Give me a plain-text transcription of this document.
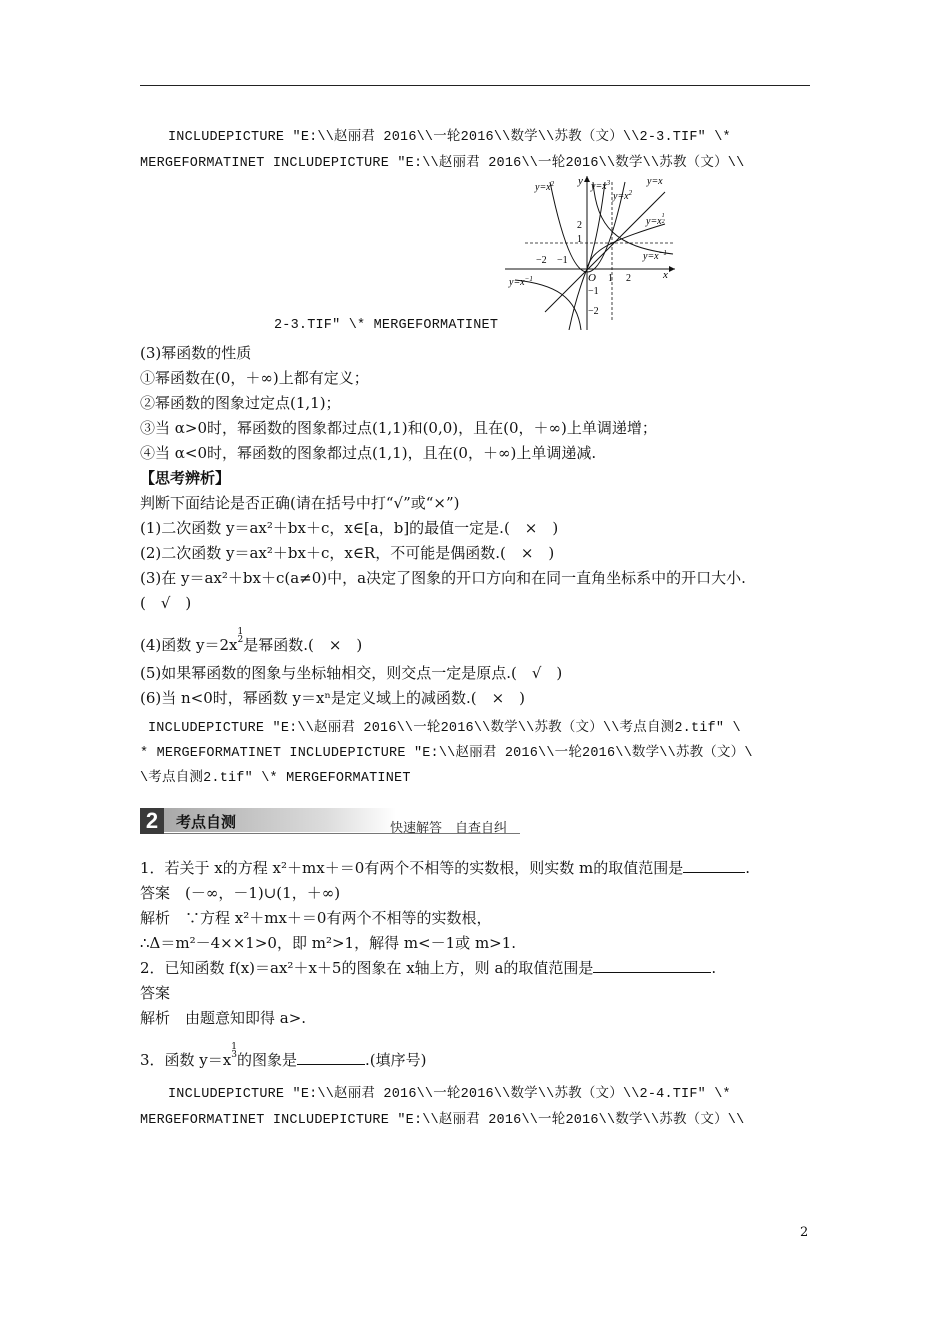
INCLUDEPICTURE "E:\\赵丽君 2016\\一轮2016\\数学\\苏教（文）\\2-3.TIF" \*
MERGEFORMATINET INCLUDEPICTURE "E:\\赵丽君 2016\\一轮2016\\数学\\苏教（文）\\
$y=x^2$	$y=x^3$	y=x
$y=x^2$
$y=x^1$ 2
$y=x^{-1}$
$y=x^{-1}$
y
x
O
−2 −1
1 2
2
1
−1
−2
2-3.TIF" \* MERGEFORMATINET
(3)幂函数的性质
①幂函数在(0，＋∞)上都有定义；
②幂函数的图象过定点(1,1)；
③当 α>0时，幂函数的图象都过点(1,1)和(0,0)，且在(0，＋∞)上单调递增；
④当 α<0时，幂函数的图象都过点(1,1)，且在(0，＋∞)上单调递减.
【思考辨析】
判断下面结论是否正确(请在括号中打“√”或“×”)
(1)二次函数 y＝ax²＋bx＋c，x∈[a，b]的最值一定是.(　×　)
(2)二次函数 y＝ax²＋bx＋c，x∈R，不可能是偶函数.(　×　)
(3)在 y＝ax²＋bx＋c(a≠0)中，a决定了图象的开口方向和在同一直角坐标系中的开口大小.
(　√　)
(4)函数 y＝2x
1
2 是幂函数.(　×　)
(5)如果幂函数的图象与坐标轴相交，则交点一定是原点.(　√　)
(6)当 n<0时，幂函数 y＝xⁿ是定义域上的减函数.(　×　)
INCLUDEPICTURE "E:\\赵丽君 2016\\一轮2016\\数学\\苏教（文）\\考点自测2.tif" \
* MERGEFORMATINET INCLUDEPICTURE "E:\\赵丽君 2016\\一轮2016\\数学\\苏教（文）\
\考点自测2.tif" \* MERGEFORMATINET
2	考点自测	快速解答　自查自纠
1．若关于 x的方程 x²＋mx＋＝0有两个不相等的实数根，则实数 m的取值范围是	.
答案　(－∞，－1)∪(1，＋∞)
解析　∵方程 x²＋mx＋＝0有两个不相等的实数根，
∴Δ＝m²－4××1>0，即 m²>1，解得 m<－1或 m>1.
2．已知函数 f(x)＝ax²＋x＋5的图象在 x轴上方，则 a的取值范围是	.
答案
解析　由题意知即得 a>.
3．函数 y＝x
1
3 的图象是	.(填序号)
INCLUDEPICTURE "E:\\赵丽君 2016\\一轮2016\\数学\\苏教（文）\\2-4.TIF" \*
MERGEFORMATINET INCLUDEPICTURE "E:\\赵丽君 2016\\一轮2016\\数学\\苏教（文）\\
2
